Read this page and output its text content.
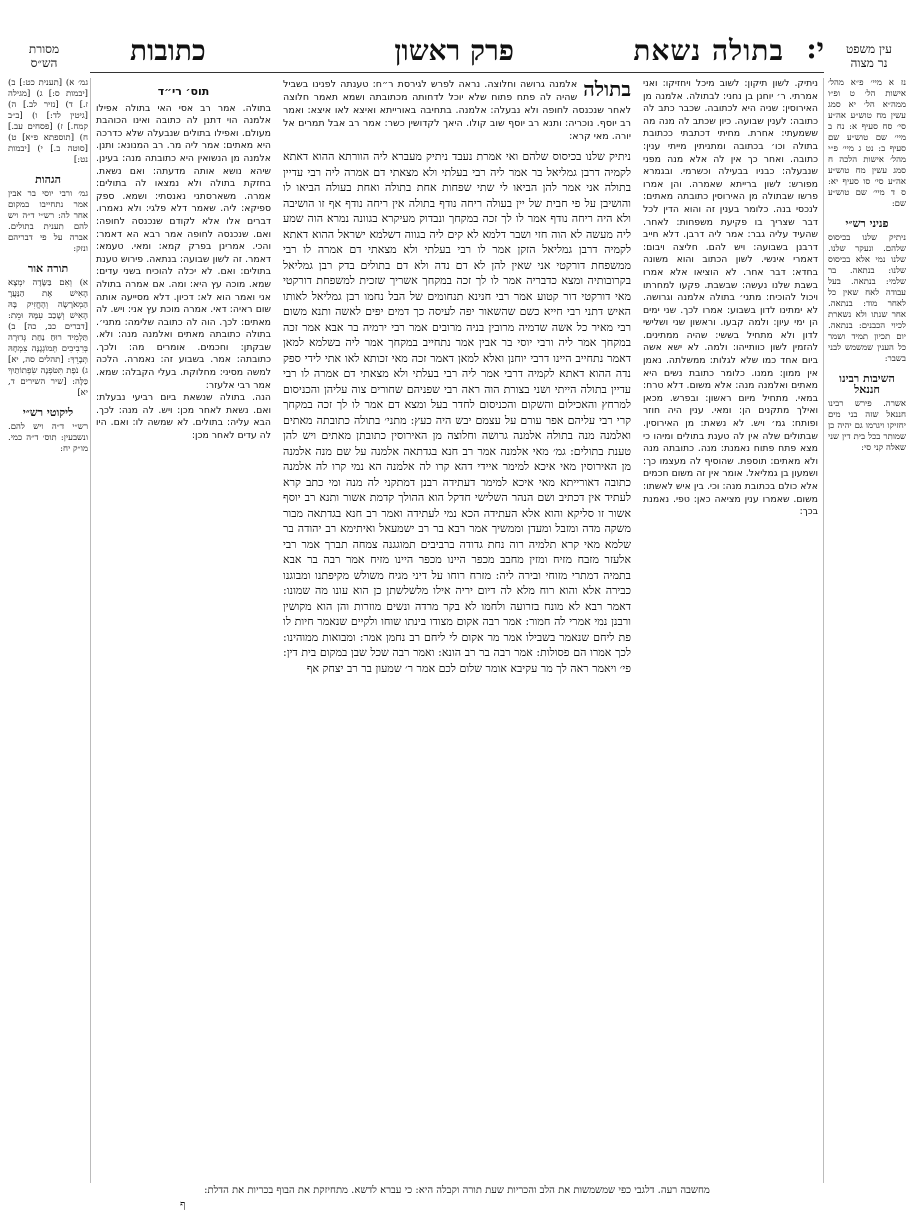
י:
בתולה נשאת
פרק ראשון
כתובות	עין משפט
נר מצוה
מסורת
הש״ס

נז א מיי׳ פ״א מהל׳ אישות הל׳ ט ופ״ו ממה״א הל׳ יא סמג עשין מח טוש״ע אה״ע סי׳ סח סעיף א: נח ב מיי׳ שם טוש״ע שם סעיף ב: נט ג מיי׳ פ״י מהל׳ אישות הלכה ח סמג עשין מח טוש״ע אה״ע סי׳ סו סעיף יא: ס ד מיי׳ שם טוש״ע שם:

פניני רש״י

ניתיק שלנו בכיסוס שלהם. ונעקר שלנו. שלנו נמי אלא בכיסוס שלנו: בנתאה. בר שלמי: בנתאה. בעל עבודה לאח שאין כל לאחר מוד: בנתאה. אחר שנתו ולא נשארת לכיוי הכבנים: בנתאה. יום תכיון תמיד ושמר כל הענין שמשמש לבני בשבר:

השיבות רבינו חננאל

אשרה. פירש רבינו חננאל שזה בני מים יחזיקו ויגרמו גם יהיה כן שמותר בכל בית דין שני שאלה קני סי:

גמ׳ א) [תענית כט:] ב) [יבמות ס:] ג) [מגילה ז.] ד) [נזיר לב.] ה) [גיטין לד:] ו) [ב״ב קמח.] ז) [פסחים עב.] ח) [תוספתא פ״א] ט) [סוטה ב.] י) [יבמות נט:]

הגהות

גמ׳ ורבי יוסי בר אבין אמר נתחייבו במקום אחר לה: רש״י ד״ה ויש להם תענית בתולים. אברה על פי דבריהם ונזק:

תורה אור

א) וְאִם בַּשָּׂדֶה יִמְצָא הָאִישׁ אֶת הַנַּעֲרָ הַמְאֹרָשָׂה וְהֶחֱזִיק בָּהּ הָאִישׁ וְשָׁכַב עִמָּהּ וּמֵת: [דברים כב, כה] ב) תַּלְמִיד רוּחַ נַחַת גְּדוּרָה בְּרִבִיבִים תְּמוֹגְגֶנָּה צִמְחָהּ תְּבָרֵךְ: [תהלים סה, יא] ג) נֹפֶת תִּטֹּפְנָה שִׂפְתוֹתַיִךְ כַּלָּה: [שיר השירים ד, יא]

ליקוטי רש״י

רש״י ד״ה ויש להם. ונשבעין: תוס׳ ד״ה כמי. מו״ק יח:

ניתיק. לשון תיקון: לשוב מיכל ויחזיקו: ואני אמרתי. ר׳ יוחנן בן נחני: לבתולה. אלמנה מן האירוסין: שניה היא לכתובה. שכבר כתב לה כתובה: לענין שבועה. כיון שכתב לה מנה מה ששמעתי: אחרת. מחיתי דכתבתי ככתובת בתולה וכו׳ בכתובה ומתניתין מייתי ענין: כתובה. ואחר כך אין לה אלא מנה מפני שנבעלה: כבניו בבעילה וכשרמי. ובגמרא מפורש: לשון ברייתא שאמרה. והן אמרו פרשו שבתולה מן האירוסין כתובתה מאתים: לנכסי בנה. כלומר בענין זה והוא הדין לכל דבר שצריך בו פקיעת משפחות: לאחר. שהעיד עליה גבר: אמר ליה דרבן. דלא חייב דרבנן בשבועה: ויש להם. חליצה ויבום: דאמרי אינשי. לשון הכתוב והוא משונה בחדא: דבר אחר. לא הוציאו אלא אמרו בשבת שלנו נעשה: שבשבת. פקעו למחרתו ויכול להוכיח: מתני׳ בתולה אלמנה וגרושה. לא ימתינו לדון בשבוע: אמרו לכך. שני ימים הן ימי עיון: ולמה קבעו. וראשון שני ושלישי לדון ולא מתחיל בששי: שהיה ממתינים. להזמין לשון כוותייהו: ולמה. לא ישא אשה ביום אחד כמו שלא לגלות: ממשלתה. נאמן אין ממון: ממנו. כלומר כתובת נשים היא מאתים ואלמנה מנה: אלא משום. דלא טרח: במאי. מתחיל מיום ראשון: ובפרש. מכאן ואילך מתקנים הן: ומאי. ענין היה חוזר ופותח: גמ׳ ויש. לא נשאת: מן האירוסין. שבתולים שלה אין לה טענת בתולים ומיהו כי מצא פתח פתוח נאמנת: מנה. כתובתה מנה ולא מאתים: תוספת. שהוסיף לה מעצמו כך: ושמעון בן גמליאל. אומר אין זה משום חכמים אלא כולם בכתובת מנה: וכי. בין איש לאשתו: משום. שאמרו ענין מציאה כאן: טפי. נאמנת בכך:

תוס׳ רי״ד

בתולה. אמר רב אסי האי בתולה אפילו אלמנה הוי דתנן לה כתובה ואינו הכוהבת מעולם. ואפילו בתולים שנבעלה שלא כדרכה היא מאתים: אמר ליה מר. רב המנונא: ותנן. אלמנה מן הנשואין היא כתובתה מנה: בעינן. שיהא נושא אותה מדעתה: ואם נשאת. בחזקת בתולה ולא נמצאו לה בתולים: אמרה. משארסתני נאנסתי: ושמא. ספק ספיקא: ליה. שאמר דלא פלגי: ולא נאמרו. דברים אלו אלא לקודם שנכנסה לחופה: ואם. שנכנסה לחופה אמר רבא הא דאמר: והכי. אמרינן בפרק קמא: ומאי. טעמא: דאמר. זה לשון שבועה: בנתאה. פירוש טענת בתולים: ואם. לא יכלה להוכיח בשני עדים: שמא. מוכה עץ היא: ומה. אם אמרה בתולה אני ואמר הוא לא: דכיון. דלא מסייעה אותה שום ראיה: דאי. אמרה מוכת עץ אני: ויש. לה מאתים: לכך. הוה לה כתובה שלימה: מתני׳. בתולה כתובתה מאתים ואלמנה מנה: ולא. שבקתן: וחכמים. אומרים מה: ולכך. כתובתה: אמר. בשבוע זה: נאמרה. הלכה למשה מסיני: מחלוקת. בעלי הקבלה: שמא. אמר רבי אלעזר:

הנה. בתולה שנשאת ביום רביעי נבעלת: ואם. נשאת לאחר מכן: ויש. לה מנה: לכך. הבא עליה: בתולים. לא שמשה לו: ואם. היו לה עדים לאחר מכן:

בתולה

אלמנה גרושה וחלוצה. נראה לפרש לגירסת ר״ח: טענתה לפנינו בשביל שהיה לה פתח פתוח שלא יוכל לדחותה מכתובתה ושמא תאמר חלוצה לאחר שנכנסה לחופה ולא נבעלה: אלמנה. בתחיבה באורייתא ואיצא לאו איצא: ואמר רב יוסף. נוכריה: ותנא רב יוסף שוב קולו. היאך לקדושין כשר: אמר רב אבל תמרים אל יורה. מאי קרא:

ניתיק שלנו בכיסוס שלהם ואי אמרת נעבד ניתיק מעברא ליה הוורתא ההוא דאתא לקמיה דרבן גמליאל בר אמר ליה רבי בעלתי ולא מצאתי דם אמרה ליה רבי עדיין בתולה אני אמר להן הביאו לי שתי שפחות אחת בתולה ואחת בעולה הביאו לו והושיבן על פי חבית של יין בעולה ריחה נודף בתולה אין ריחה נודף אף זו הושיבה ולא היה ריחה נודף אמר לו לך זכה במקחך ונבדוק מעיקרא בגוונה נמרא הוה שמע ליה מעשה לא הוה חזי ושבר דלמא לא קים ליה בגווה דשלמא ישראל ההוא דאתא לקמיה דרבן גמליאל הזקן אמר לו רבי בעלתי ולא מצאתי דם אמרה לו רבי ממשפחת דורקטי אני שאין להן לא דם נדה ולא דם בתולים בדק רבן גמליאל בקרובותיה ומצא כדבריה אמר לו לך זכה במקחך אשריך שזכית למשפחת דורקטי מאי דורקטי דור קטוע אמר רבי חנינא תנחומים של הבל נחמו רבן גמליאל לאותו האיש דתני רבי חייא כשם שהשאור יפה לעיסה כך דמים יפים לאשה ותנא משום רבי מאיר כל אשה שדמיה מרובין בניה מרובים אמר רבי ירמיה בר אבא אמר זכה במקחך אמר ליה ורבי יוסי בר אבין אמר נתחייב במקחך אמר ליה בשלמא למאן דאמר נתחייב היינו דרבי יוחנן ואלא למאן דאמר זכה מאי זכותא לאו אתי לידי ספק נדה ההוא דאתא לקמיה דרבי אמר ליה רבי בעלתי ולא מצאתי דם אמרה לו רבי עדיין בתולה הייתי ושני בצורת הוה ראה רבי שפניהם שחורים צוה עליהן והכניסום למרחץ והאכילום והשקום והכניסום לחדר בעל ומצא דם אמר לו לך זכה במקחך קרי רבי עליהם אפר עורם על עצמם יבש היה כעץ: מתני׳ בתולה כתובתה מאתים ואלמנה מנה בתולה אלמנה גרושה וחלוצה מן האירוסין כתובתן מאתים ויש להן טענת בתולים: גמ׳ מאי אלמנה אמר רב חנא בגדתאה אלמנה על שם מנה אלמנה מן האירוסין מאי איכא למימר איידי דהא קרו לה אלמנה הא נמי קרו לה אלמנה כתובה דאורייתא מאי איכא למימר דעתידה רבנן דמתקני לה מנה ומי כתב קרא לעתיד אין דכתיב ושם הנהר השלישי חדקל הוא ההולך קדמת אשור ותנא רב יוסף אשור זו סליקא והוא אלא העתידה הכא נמי לעתידה ואמר רב חנא בגדתאה מבור משקה מדה ומזבל ומעדן וממשיך אמר רבא בר רב ישמעאל ואיתימא רב יהודה בר שלמא מאי קרא תלמיה רוה נחת גדודה ברביבים תמוגגנה צמחה תברך אמר רבי אלעזר מזבח מזיח ומזין מחבב מכפר היינו מכפר היינו מזיח אמר רבה בר אבא בתמיה דמתרי מזוחי ובירה ליה: מזרח רוחו על דיני מגיח משולש מקיפתנו ומבוגנו כבירה אלא והוא רוח מלא לה דיום יריה אילו מלשלשתן כן הוא עונו מה שמונו: דאמר רבא לא מונח בזרועה ולחמו לא בקר מרדה ונשים מוזרות והן הוא מקושין ורבנן נמי אמרי לה חמור: אמר רבה אקום מצודו בינתו שוחו ולקיים שנאמר חיות לו פת ליחם שנאמר בשבילו אמר מר אקום לי ליחם רב נחמן אמר: ומבואות ממוהינו: לכך אמרו הם פסולות: אמר רבה בר רב הונא: ואמר רבה שכל שבן במקום בית דין: פי׳ ויאמר ראה לך מר עקיבא אומר שלום לכם אמר ר׳ שמעון בר רב יצחק אף

מחשבה רעה. דלגבי כפי שמשמשות את הלב והכריות שעת תורה וקבלה היא: כי עברא לדשא. מתחיזקת את הבוף בכריות את הדלת:
ף
